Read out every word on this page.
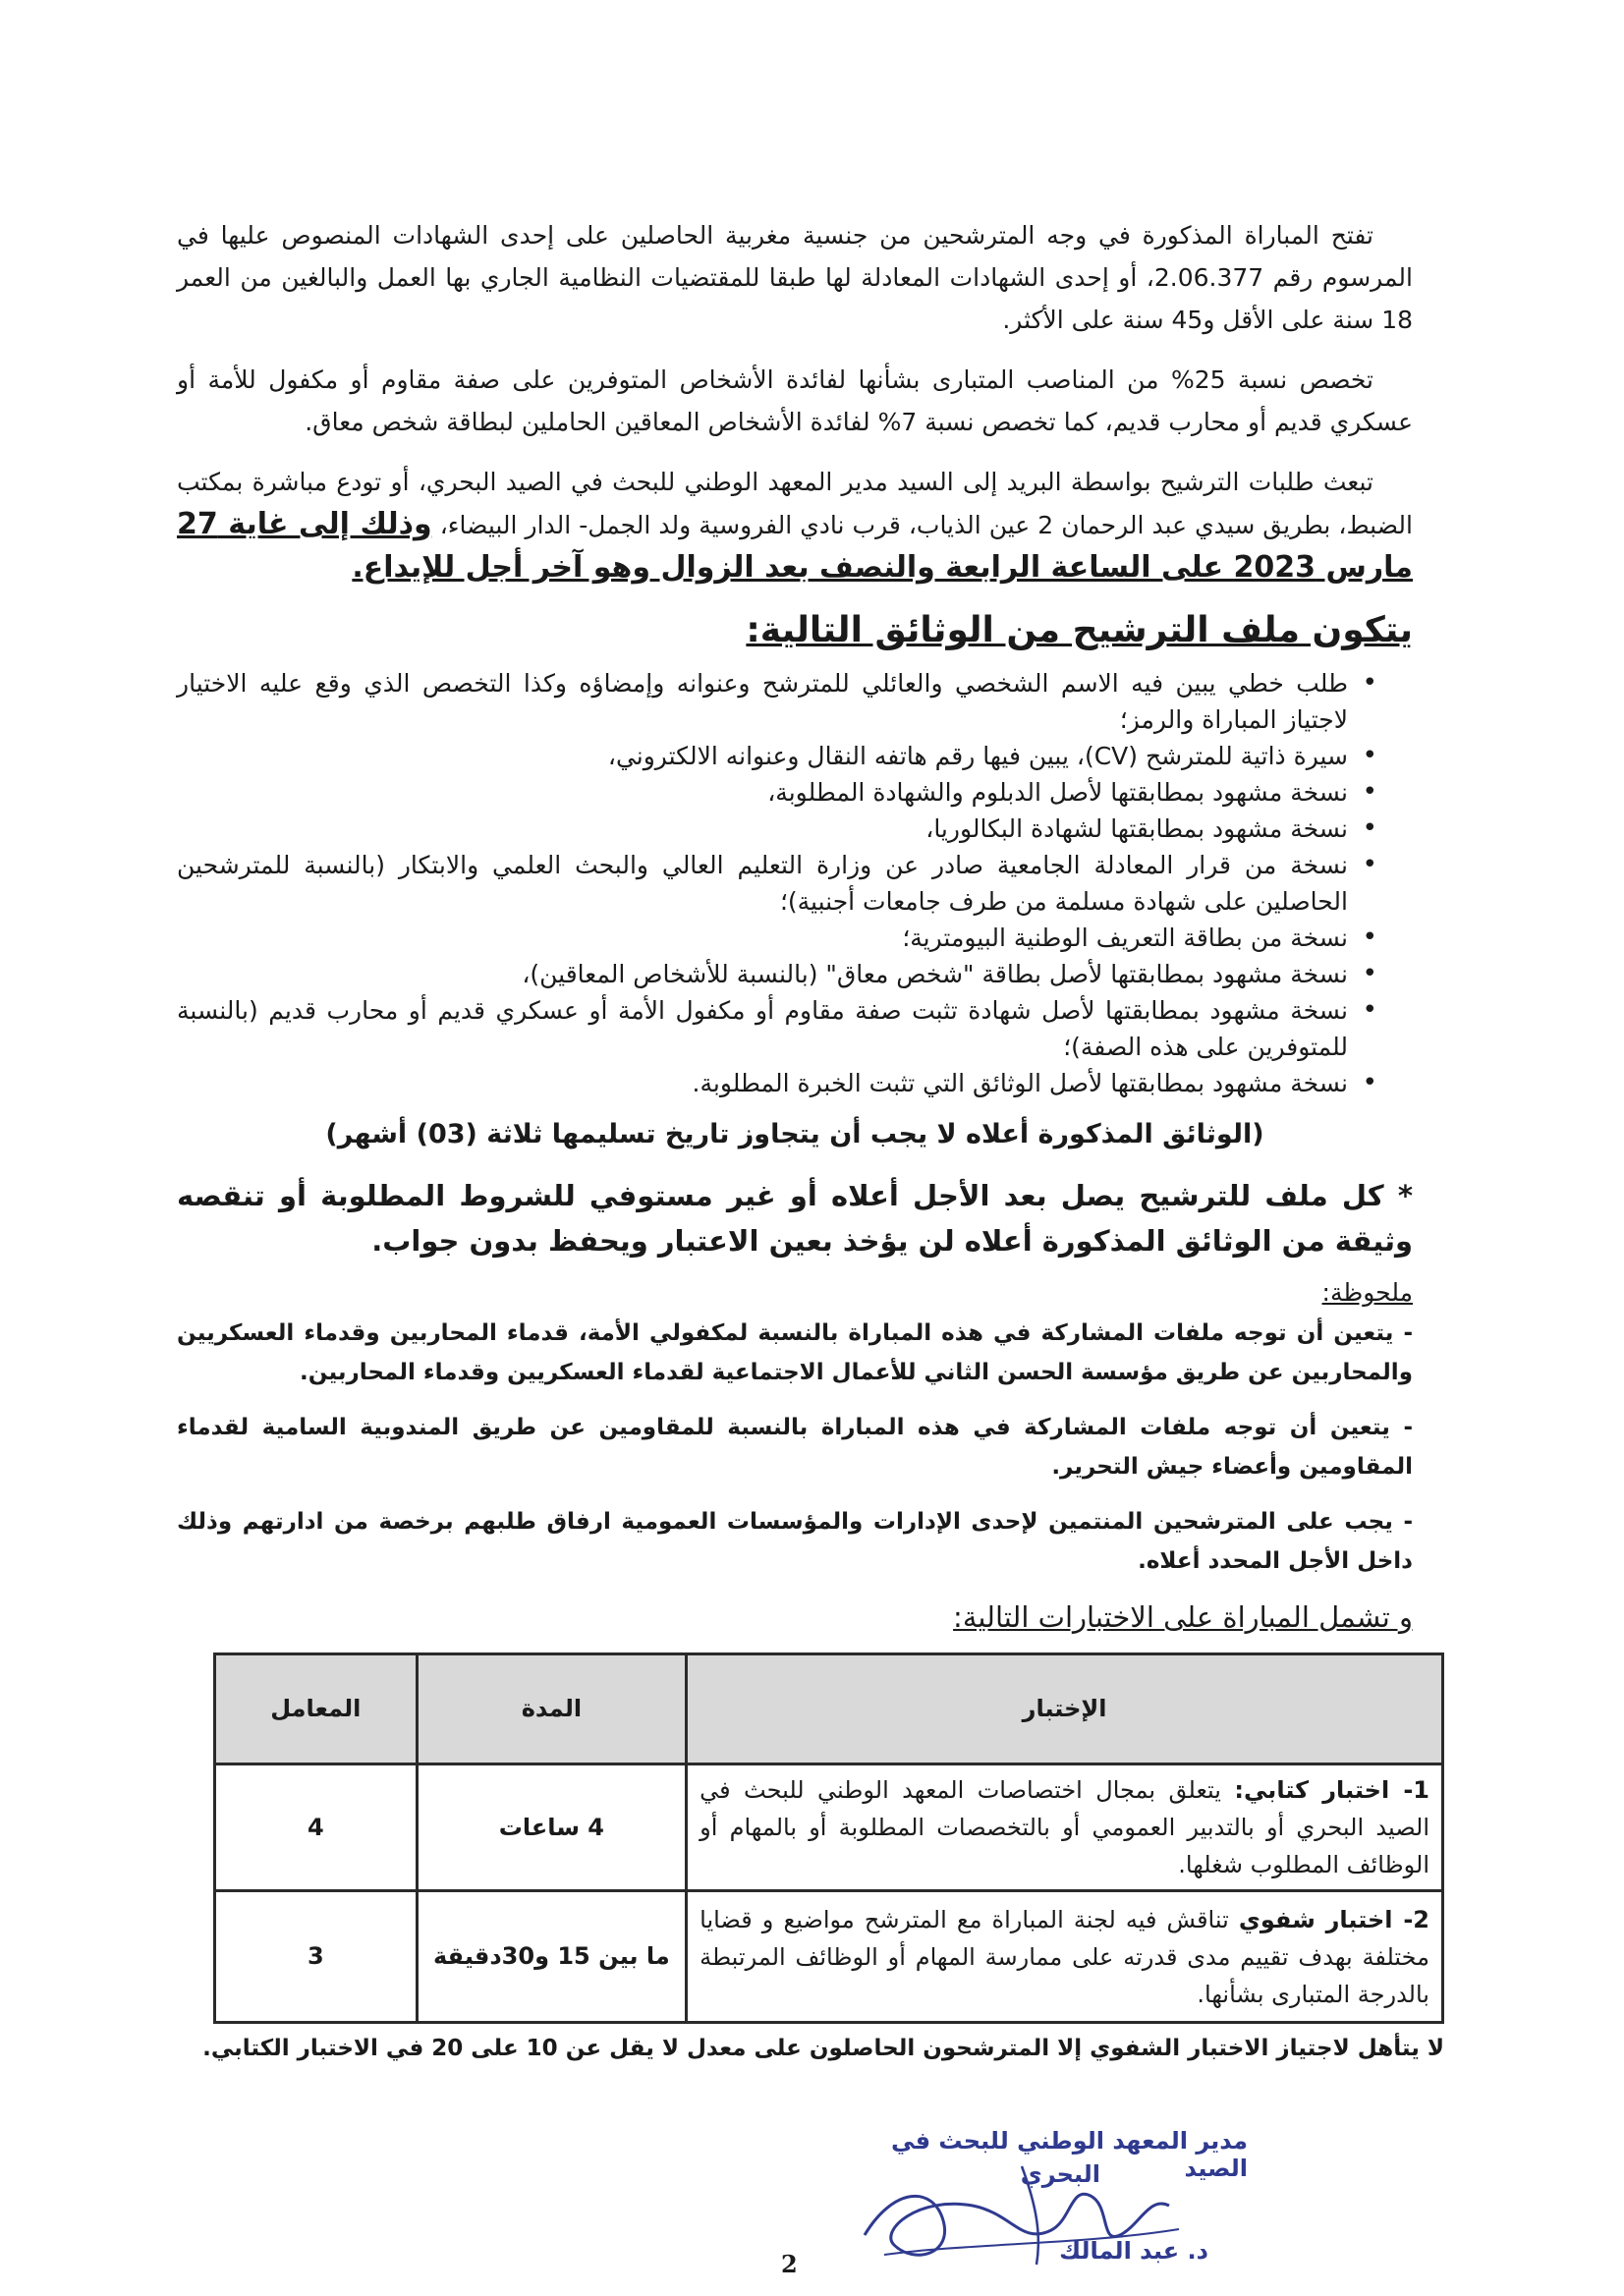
تفتح المباراة المذكورة في وجه المترشحين من جنسية مغربية الحاصلين على إحدى الشهادات المنصوص عليها في المرسوم رقم 2.06.377، أو إحدى الشهادات المعادلة لها طبقا للمقتضيات النظامية الجاري بها العمل والبالغين من العمر 18 سنة على الأقل و45 سنة على الأكثر.

تخصص نسبة 25% من المناصب المتبارى بشأنها لفائدة الأشخاص المتوفرين على صفة مقاوم أو مكفول للأمة أو عسكري قديم أو محارب قديم، كما تخصص نسبة 7% لفائدة الأشخاص المعاقين الحاملين لبطاقة شخص معاق.

تبعث طلبات الترشيح بواسطة البريد إلى السيد مدير المعهد الوطني للبحث في الصيد البحري، أو تودع مباشرة بمكتب الضبط، بطريق سيدي عبد الرحمان 2 عين الذياب، قرب نادي الفروسية ولد الجمل- الدار البيضاء، وذلك إلى غاية 27 مارس 2023 على الساعة الرابعة والنصف بعد الزوال وهو آخر أجل للإيداع.

يتكون ملف الترشيح من الوثائق التالية:
• طلب خطي يبين فيه الاسم الشخصي والعائلي للمترشح وعنوانه وإمضاؤه وكذا التخصص الذي وقع عليه الاختيار لاجتياز المباراة والرمز؛
• سيرة ذاتية للمترشح (CV)، يبين فيها رقم هاتفه النقال وعنوانه الالكتروني،
• نسخة مشهود بمطابقتها لأصل الدبلوم والشهادة المطلوبة،
• نسخة مشهود بمطابقتها لشهادة البكالوريا،
• نسخة من قرار المعادلة الجامعية صادر عن وزارة التعليم العالي والبحث العلمي والابتكار (بالنسبة للمترشحين الحاصلين على شهادة مسلمة من طرف جامعات أجنبية)؛
• نسخة من بطاقة التعريف الوطنية البيومترية؛
• نسخة مشهود بمطابقتها لأصل بطاقة "شخص معاق" (بالنسبة للأشخاص المعاقين)،
• نسخة مشهود بمطابقتها لأصل شهادة تثبت صفة مقاوم أو مكفول الأمة أو عسكري قديم أو محارب قديم (بالنسبة للمتوفرين على هذه الصفة)؛
• نسخة مشهود بمطابقتها لأصل الوثائق التي تثبت الخبرة المطلوبة.
(الوثائق المذكورة أعلاه لا يجب أن يتجاوز تاريخ تسليمها ثلاثة (03) أشهر)
* كل ملف للترشيح يصل بعد الأجل أعلاه أو غير مستوفي للشروط المطلوبة أو تنقصه وثيقة من الوثائق المذكورة أعلاه لن يؤخذ بعين الاعتبار ويحفظ بدون جواب.
ملحوظة:
- يتعين أن توجه ملفات المشاركة في هذه المباراة بالنسبة لمكفولي الأمة، قدماء المحاربين وقدماء العسكريين والمحاربين عن طريق مؤسسة الحسن الثاني للأعمال الاجتماعية لقدماء العسكريين وقدماء المحاربين.
- يتعين أن توجه ملفات المشاركة في هذه المباراة بالنسبة للمقاومين عن طريق المندوبية السامية لقدماء المقاومين وأعضاء جيش التحرير.
- يجب على المترشحين المنتمين لإحدى الإدارات والمؤسسات العمومية ارفاق طلبهم برخصة من ادارتهم وذلك داخل الأجل المحدد أعلاه.
و تشمل المباراة على الاختبارات التالية:
الإختبار	المدة	المعامل
1- اختبار كتابي: يتعلق بمجال اختصاصات المعهد الوطني للبحث في الصيد البحري أو بالتدبير العمومي أو بالتخصصات المطلوبة أو بالمهام أو الوظائف المطلوب شغلها.	4 ساعات	4
2- اختبار شفوي تناقش فيه لجنة المباراة مع المترشح مواضيع و قضايا مختلفة بهدف تقييم مدى قدرته على ممارسة المهام أو الوظائف المرتبطة بالدرجة المتبارى بشأنها.	ما بين 15 و30دقيقة	3
لا يتأهل لاجتياز الاختبار الشفوي إلا المترشحون الحاصلون على معدل لا يقل عن 10 على 20 في الاختبار الكتابي.
مدير المعهد الوطني للبحث في الصيد
البحري
د. عبد المالك
2
